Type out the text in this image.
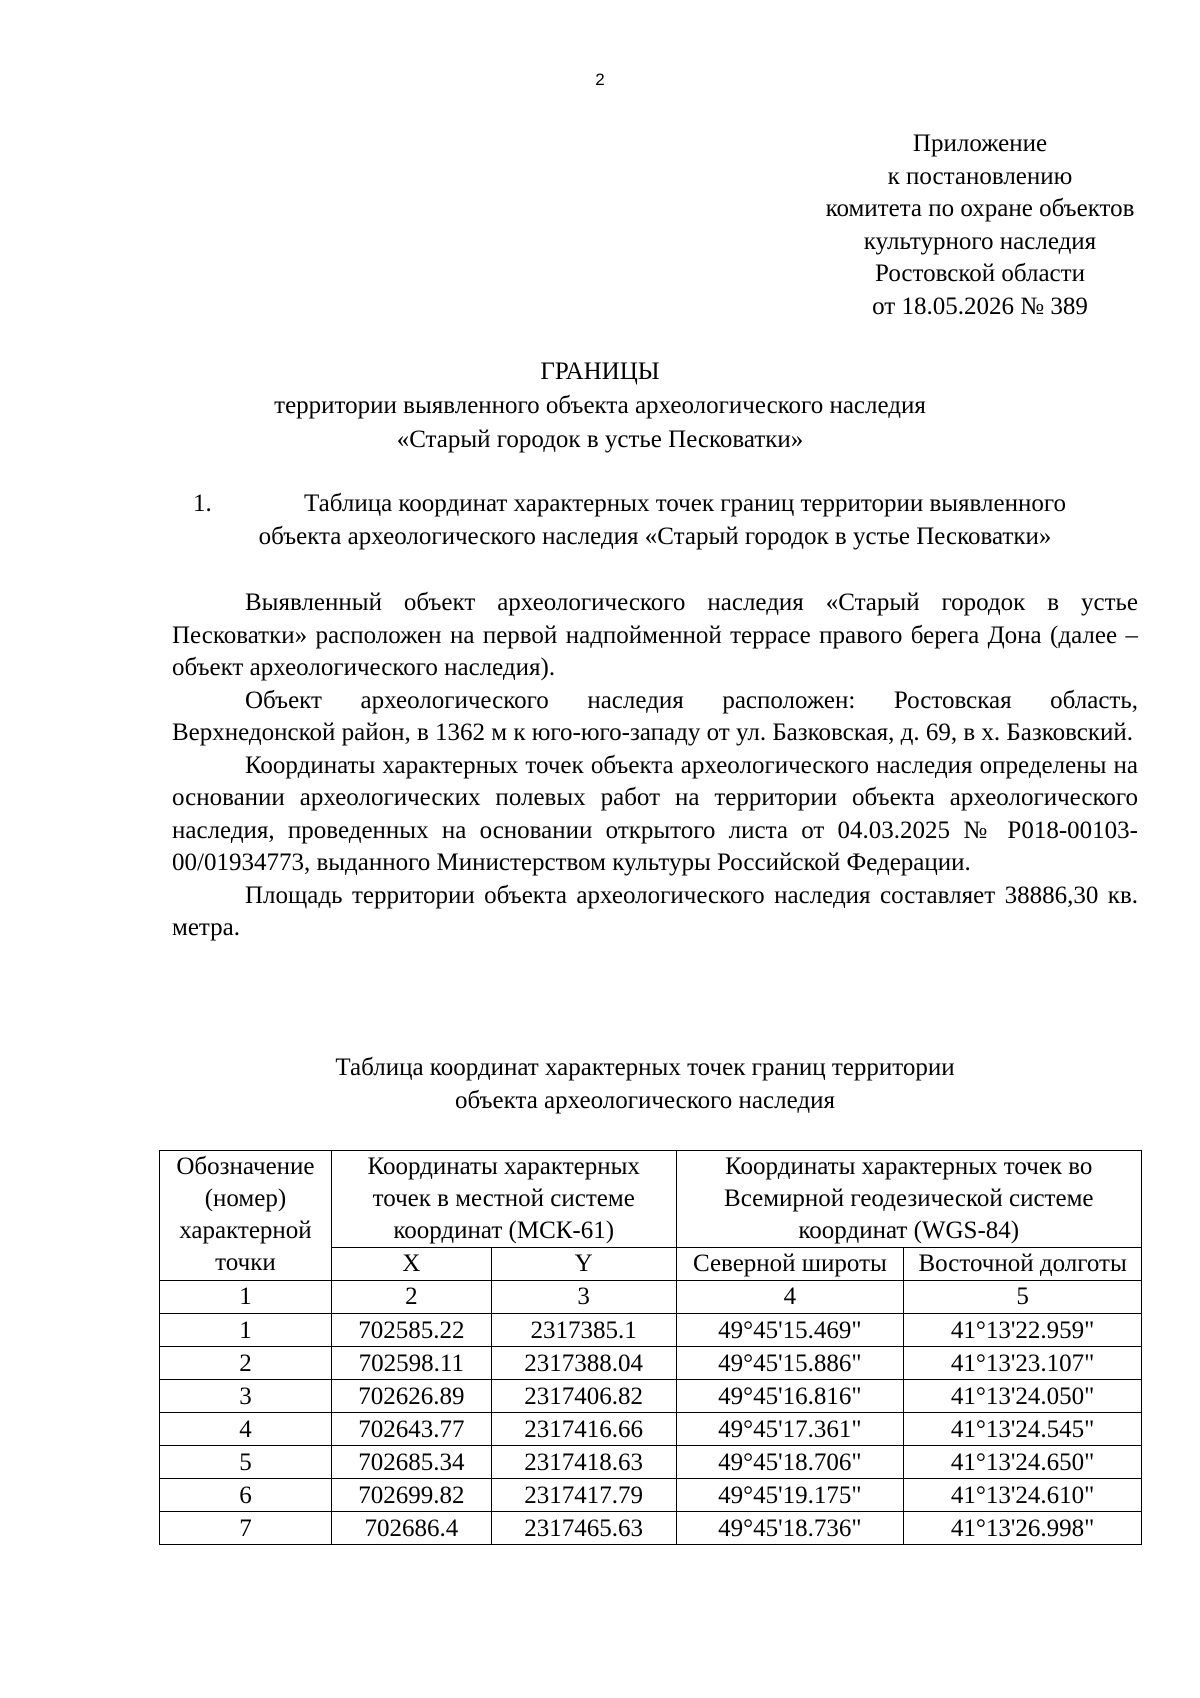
2
Приложение
к постановлению
комитета по охране объектов
культурного наследия
Ростовской области
от 18.05.2026 № 389
ГРАНИЦЫ
территории выявленного объекта археологического наследия
«Старый городок в устье Песковатки»
1.	Таблица координат характерных точек границ территории выявленного
объекта археологического наследия «Старый городок в устье Песковатки»

Выявленный объект археологического наследия «Старый городок в устье Песковатки» расположен на первой надпойменной террасе правого берега Дона (далее – объект археологического наследия).

Объект археологического наследия расположен: Ростовская область, Верхнедонской район, в 1362 м к юго-юго-западу от ул. Базковская, д. 69, в х. Базковский.

Координаты характерных точек объекта археологического наследия определены на основании археологических полевых работ на территории объекта археологического наследия, проведенных на основании открытого листа от 04.03.2025 № Р018-00103-00/01934773, выданного Министерством культуры Российской Федерации.

Площадь территории объекта археологического наследия составляет 38886,30 кв. метра.

Таблица координат характерных точек границ территории
объекта археологического наследия
Обозначение (номер) характерной точки	Координаты характерных точек в местной системе координат (МСК-61)		Координаты характерных точек во Всемирной геодезической системе координат (WGS-84)	
	X	Y	Северной широты	Восточной долготы
1	2	3	4	5
1	702585.22	2317385.1	49°45'15.469"	41°13'22.959"
2	702598.11	2317388.04	49°45'15.886"	41°13'23.107"
3	702626.89	2317406.82	49°45'16.816"	41°13'24.050"
4	702643.77	2317416.66	49°45'17.361"	41°13'24.545"
5	702685.34	2317418.63	49°45'18.706"	41°13'24.650"
6	702699.82	2317417.79	49°45'19.175"	41°13'24.610"
7	702686.4	2317465.63	49°45'18.736"	41°13'26.998"
